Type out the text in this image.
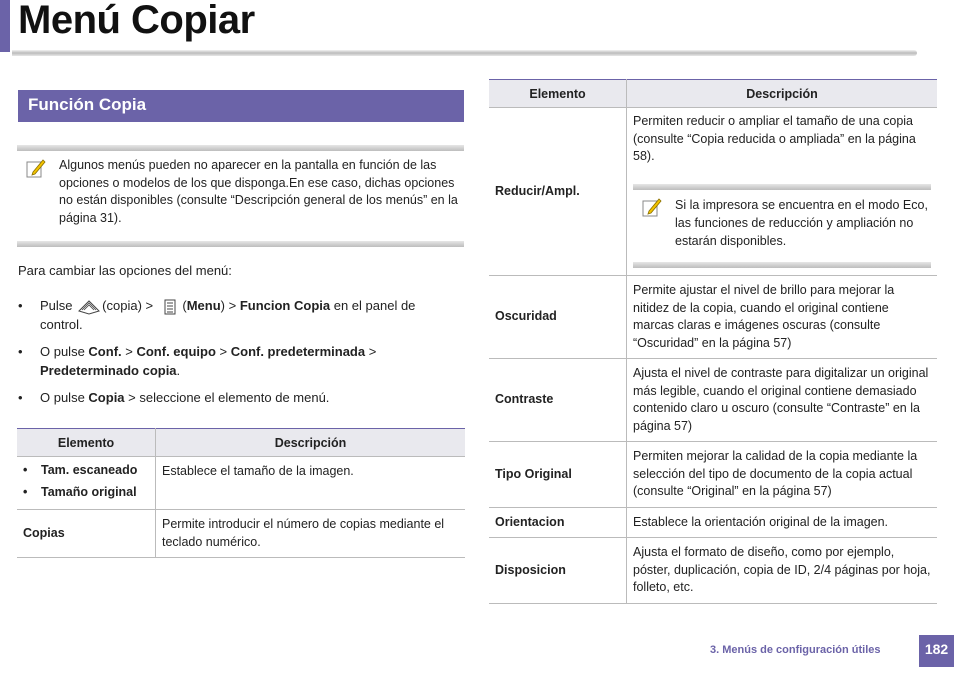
Menú Copiar
Función Copia
Algunos menús pueden no aparecer en la pantalla en función de las opciones o modelos de los que disponga.En ese caso, dichas opciones no están disponibles (consulte “Descripción general de los menús” en la página 31).
Para cambiar las opciones del menú:
• Pulse (copia) > (Menu) > Funcion Copia en el panel de control.
• O pulse Conf. > Conf. equipo > Conf. predeterminada > Predeterminado copia.
• O pulse Copia > seleccione el elemento de menú.
Elemento	Descripción

• Tam. escaneado
• Tamaño original	Establece el tamaño de la imagen.
Copias	Permite introducir el número de copias mediante el teclado numérico.
Elemento	Descripción
Reducir/Ampl.	Permiten reducir o ampliar el tamaño de una copia (consulte “Copia reducida o ampliada” en la página 58).
Si la impresora se encuentra en el modo Eco, las funciones de reducción y ampliación no estarán disponibles.

Oscuridad	Permite ajustar el nivel de brillo para mejorar la nitidez de la copia, cuando el original contiene marcas claras e imágenes oscuras (consulte “Oscuridad” en la página 57)
Contraste	Ajusta el nivel de contraste para digitalizar un original más legible, cuando el original contiene demasiado contenido claro u oscuro (consulte “Contraste” en la página 57)
Tipo Original	Permiten mejorar la calidad de la copia mediante la selección del tipo de documento de la copia actual (consulte “Original” en la página 57)
Orientacion	Establece la orientación original de la imagen.
Disposicion	Ajusta el formato de diseño, como por ejemplo, póster, duplicación, copia de ID, 2/4 páginas por hoja, folleto, etc.
3. Menús de configuración útiles	182
